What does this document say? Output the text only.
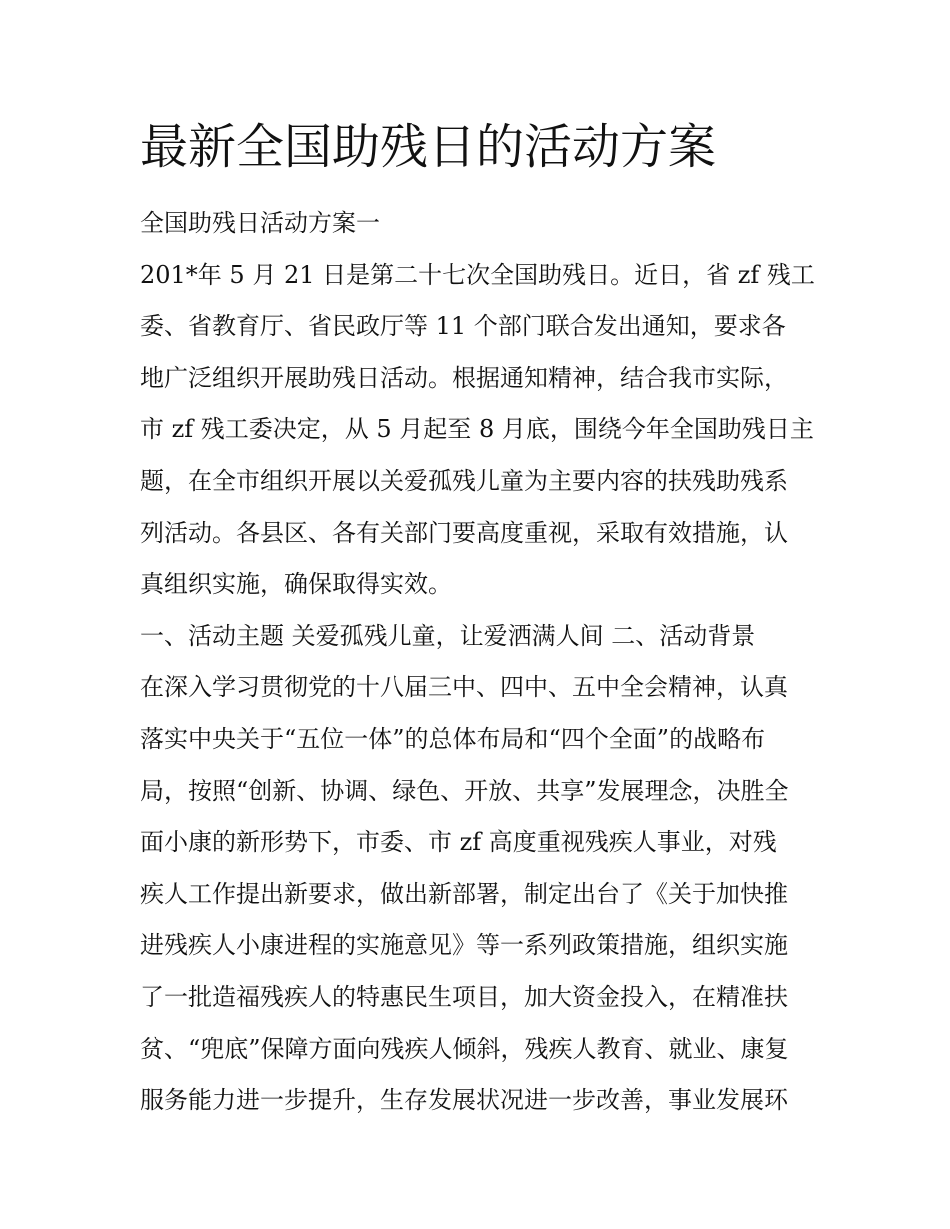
最新全国助残日的活动方案
全国助残日活动方案一
201*年 5 月 21 日是第二十七次全国助残日。近日，省 zf 残工
委、省教育厅、省民政厅等 11 个部门联合发出通知，要求各
地广泛组织开展助残日活动。根据通知精神，结合我市实际，
市 zf 残工委决定，从 5 月起至 8 月底，围绕今年全国助残日主
题，在全市组织开展以关爱孤残儿童为主要内容的扶残助残系
列活动。各县区、各有关部门要高度重视，采取有效措施，认
真组织实施，确保取得实效。
一、活动主题 关爱孤残儿童，让爱洒满人间 二、活动背景
在深入学习贯彻党的十八届三中、四中、五中全会精神，认真
落实中央关于“五位一体”的总体布局和“四个全面”的战略布
局，按照“创新、协调、绿色、开放、共享”发展理念，决胜全
面小康的新形势下，市委、市 zf 高度重视残疾人事业，对残
疾人工作提出新要求，做出新部署，制定出台了《关于加快推
进残疾人小康进程的实施意见》等一系列政策措施，组织实施
了一批造福残疾人的特惠民生项目，加大资金投入，在精准扶
贫、“兜底”保障方面向残疾人倾斜，残疾人教育、就业、康复
服务能力进一步提升，生存发展状况进一步改善，事业发展环
